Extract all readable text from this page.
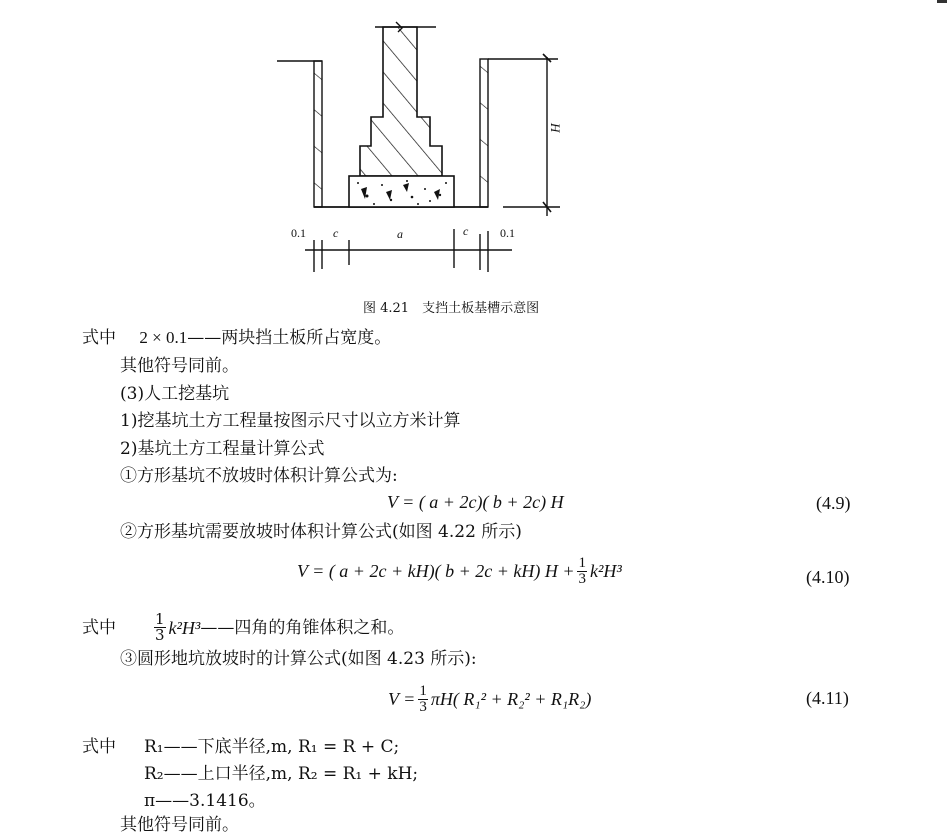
H
0.1 c	a	c	0.1
图 4.21　支挡土板基槽示意图
式中 2 × 0.1——两块挡土板所占宽度。
其他符号同前。
(3)人工挖基坑
1)挖基坑土方工程量按图示尺寸以立方米计算
2)基坑土方工程量计算公式
①方形基坑不放坡时体积计算公式为:
V = ( a + 2c)( b + 2c) H	(4.9)
②方形基坑需要放坡时体积计算公式(如图 4.22 所示)
V = ( a + 2c + kH)( b + 2c + kH) $H + \frac{1}{3} k^2H^3$	(4.10)
式中	$\frac{1}{3} k^2H^3$ ——四角的角锥体积之和。
③圆形地坑放坡时的计算公式(如图 4.23 所示):
$V = \frac{1}{3} \pi H$( R₁² + R₂² + R₁R₂)	(4.11)
式中 R₁——下底半径,m, R₁ = R + C;
R₂——上口半径,m, R₂ = R₁ + kH;
π——3.1416。
其他符号同前。
